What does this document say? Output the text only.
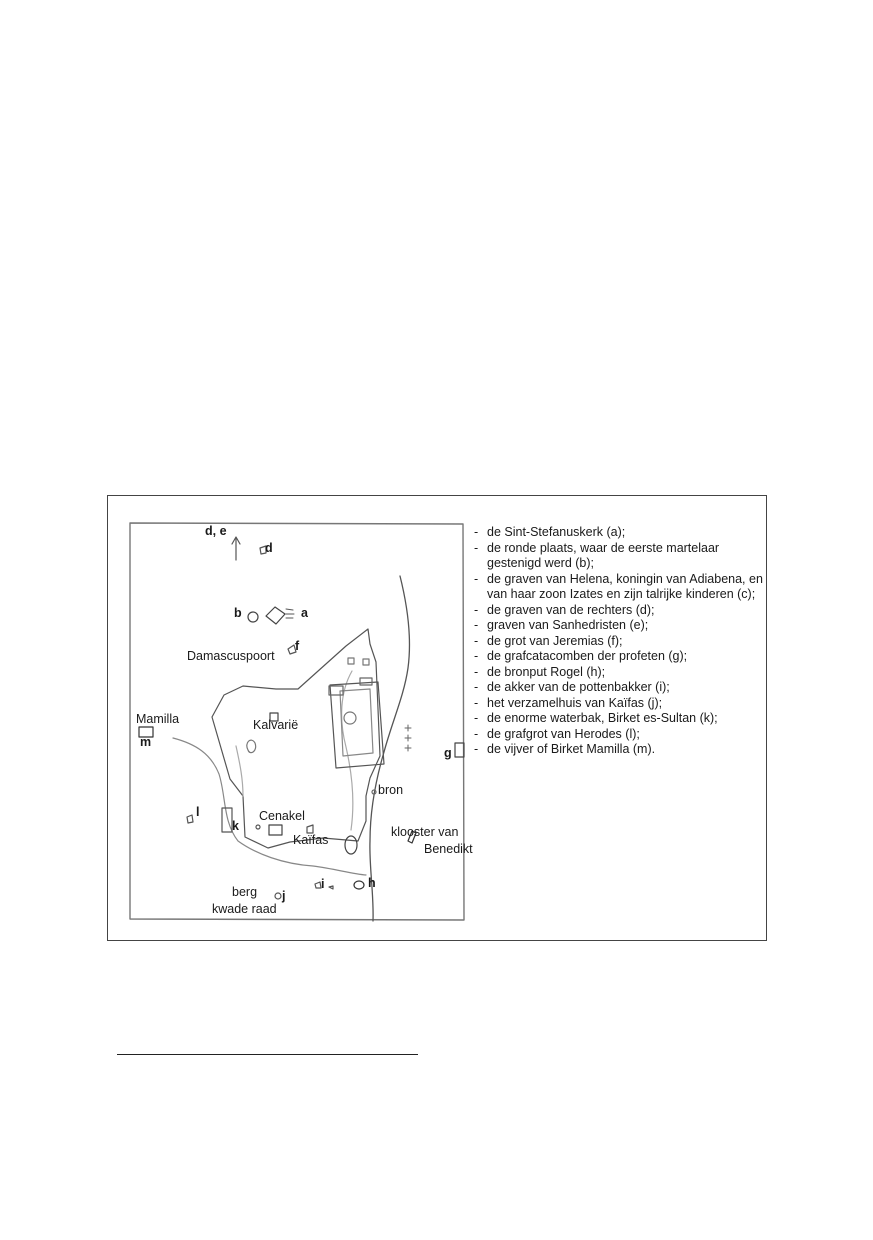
d, e
d
b	a
f
Damascuspoort
Mamilla
m
Kalvarië
g
bron
l	Cenakel
k	klooster van
Kaïfas
Benedikt
i	h
berg j
kwade raad
- de Sint-Stefanuskerk (a);
- de ronde plaats, waar de eerste martelaar gestenigd werd (b);
- de graven van Helena, koningin van Adiabena, en van haar zoon Izates en zijn talrijke kinderen (c);
- de graven van de rechters (d);
- graven van Sanhedristen (e);
- de grot van Jeremias (f);
- de grafcatacomben der profeten (g);
- de bronput Rogel (h);
- de akker van de pottenbakker (i);
- het verzamelhuis van Kaïfas (j);
- de enorme waterbak, Birket es-Sultan (k);
- de grafgrot van Herodes (l);
- de vijver of Birket Mamilla (m).
